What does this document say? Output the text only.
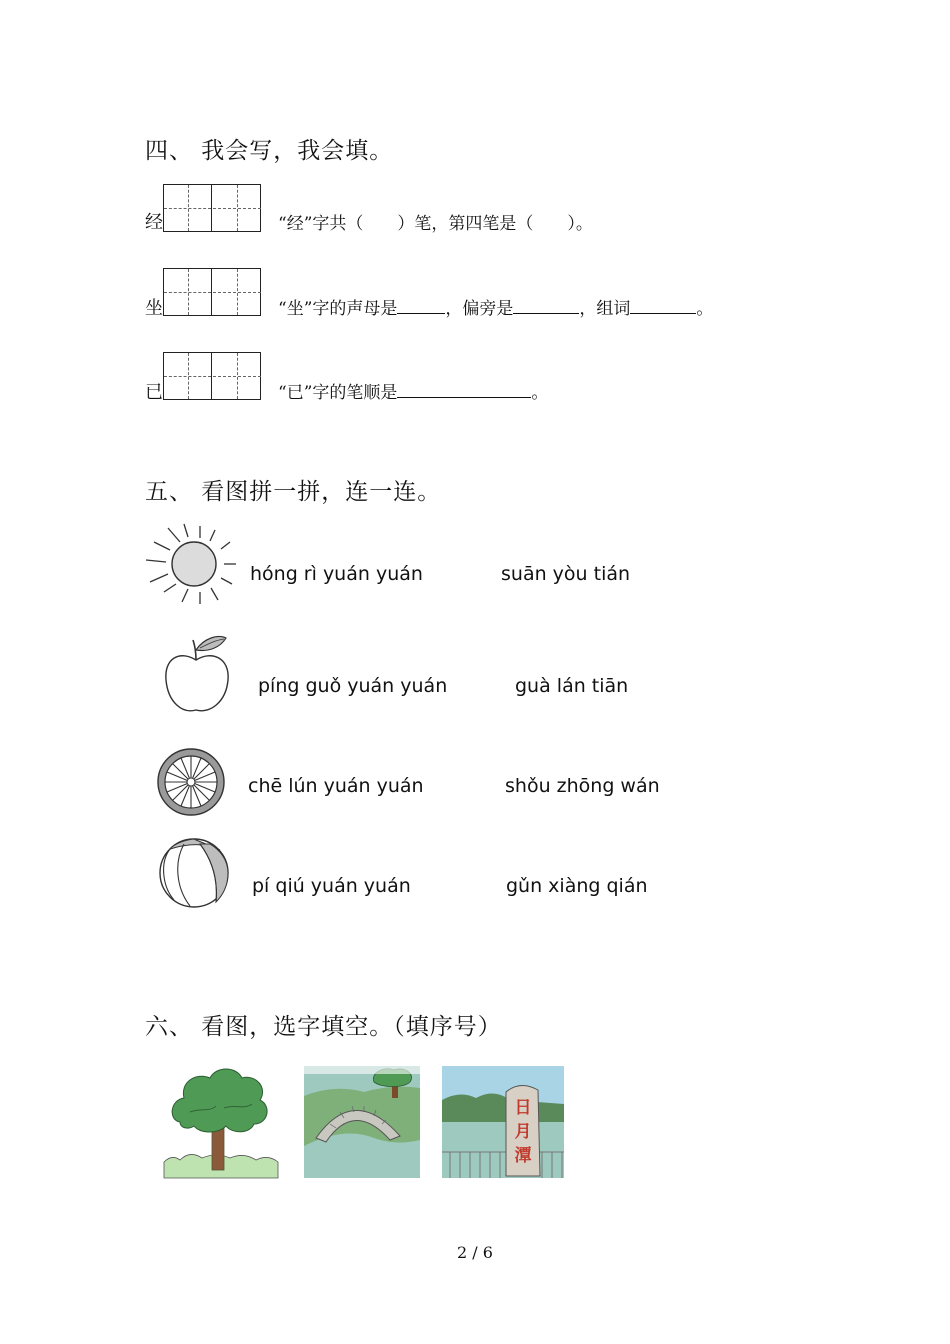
四、 我会写，我会填。
经	“经”字共（ ）笔，第四笔是（ ）。
坐	“坐”字的声母是	，偏旁是	，组词	。
已	“已”字的笔顺是	。
五、 看图拼一拼，连一连。
hóng rì yuán yuán	suān yòu tián
píng guǒ yuán yuán	guà lán tiān
chē lún yuán yuán	shǒu zhōng wán
pí qiú yuán yuán	gǔn xiàng qián
六、 看图，选字填空。（填序号）
日
月
潭
2 / 6
